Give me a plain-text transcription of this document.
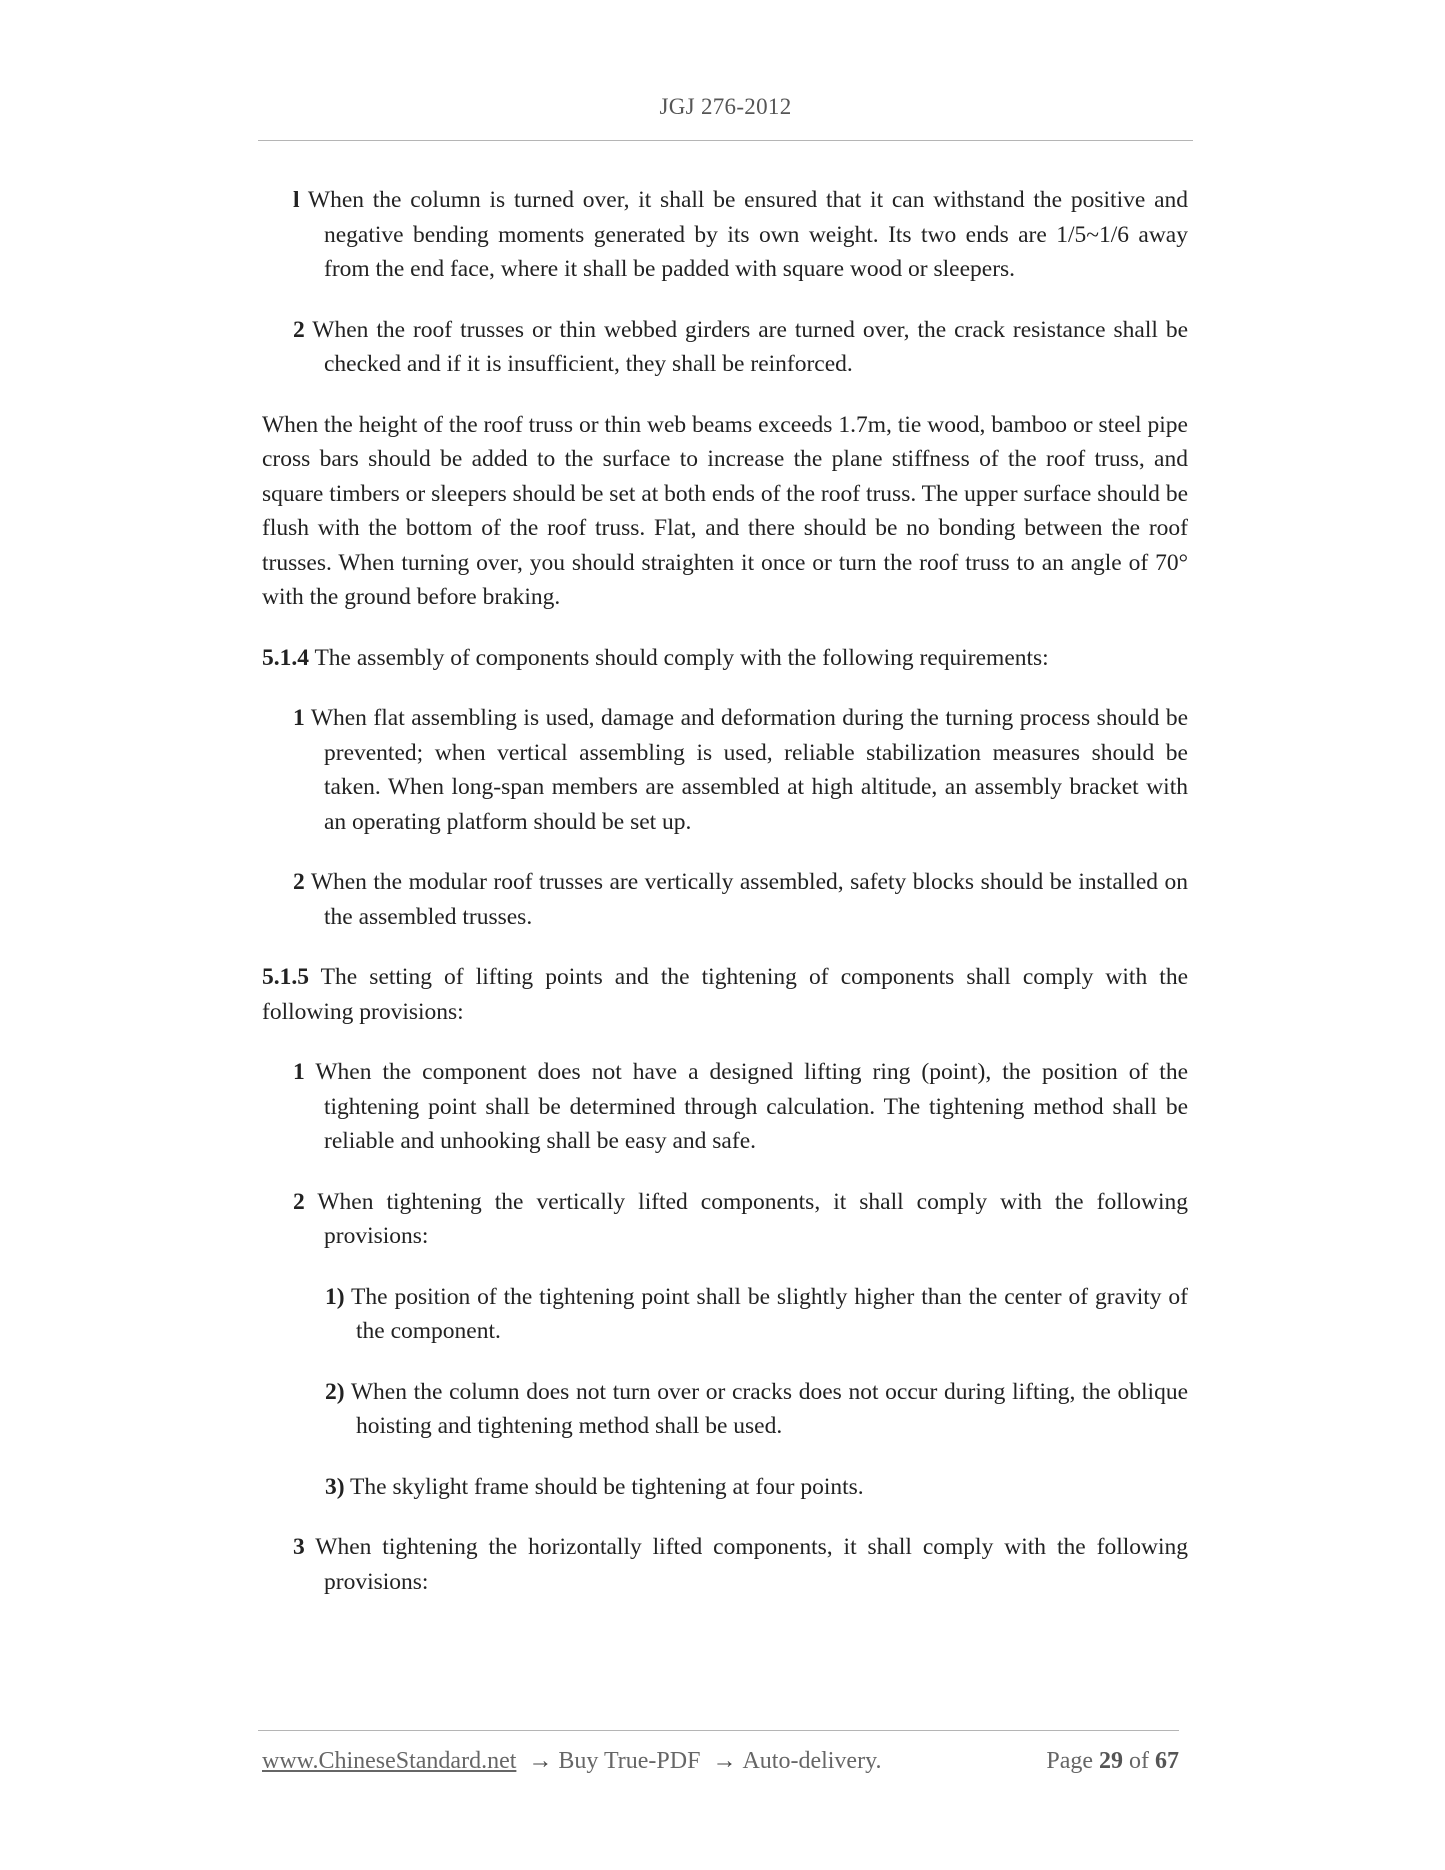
JGJ 276-2012

l When the column is turned over, it shall be ensured that it can withstand the positive and negative bending moments generated by its own weight. Its two ends are 1/5~1/6 away from the end face, where it shall be padded with square wood or sleepers.

2 When the roof trusses or thin webbed girders are turned over, the crack resistance shall be checked and if it is insufficient, they shall be reinforced.

When the height of the roof truss or thin web beams exceeds 1.7m, tie wood, bamboo or steel pipe cross bars should be added to the surface to increase the plane stiffness of the roof truss, and square timbers or sleepers should be set at both ends of the roof truss. The upper surface should be flush with the bottom of the roof truss. Flat, and there should be no bonding between the roof trusses. When turning over, you should straighten it once or turn the roof truss to an angle of 70° with the ground before braking.

5.1.4 The assembly of components should comply with the following requirements:

1 When flat assembling is used, damage and deformation during the turning process should be prevented; when vertical assembling is used, reliable stabilization measures should be taken. When long-span members are assembled at high altitude, an assembly bracket with an operating platform should be set up.

2 When the modular roof trusses are vertically assembled, safety blocks should be installed on the assembled trusses.

5.1.5 The setting of lifting points and the tightening of components shall comply with the following provisions:

1 When the component does not have a designed lifting ring (point), the position of the tightening point shall be determined through calculation. The tightening method shall be reliable and unhooking shall be easy and safe.

2 When tightening the vertically lifted components, it shall comply with the following provisions:

1) The position of the tightening point shall be slightly higher than the center of gravity of the component.

2) When the column does not turn over or cracks does not occur during lifting, the oblique hoisting and tightening method shall be used.

3) The skylight frame should be tightening at four points.

3 When tightening the horizontally lifted components, it shall comply with the following provisions:

www.ChineseStandard.net → Buy True-PDF → Auto-delivery.	Page 29 of 67
